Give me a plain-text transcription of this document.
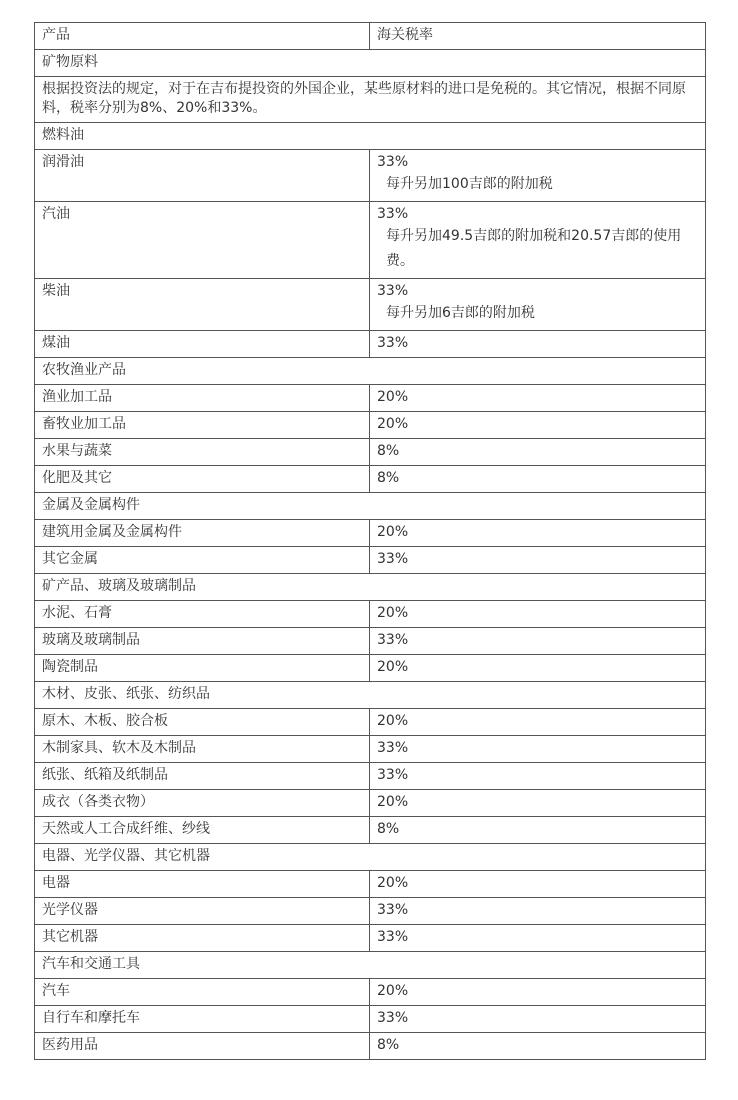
产品	海关税率
矿物原料	
根据投资法的规定，对于在吉布提投资的外国企业，某些原材料的进口是免税的。其它情况，根据不同原料，税率分别为8%、20%和33%。	
燃料油	
润滑油	33%
每升另加100吉郎的附加税

汽油	33%
每升另加49.5吉郎的附加税和20.57吉郎的使用费。

柴油	33%
每升另加6吉郎的附加税

煤油	33%

农牧渔业产品	
渔业加工品	20%

畜牧业加工品	20%

水果与蔬菜	8%

化肥及其它	8%

金属及金属构件	
建筑用金属及金属构件	20%

其它金属	33%

矿产品、玻璃及玻璃制品	
水泥、石膏	20%

玻璃及玻璃制品	33%

陶瓷制品	20%

木材、皮张、纸张、纺织品	
原木、木板、胶合板	20%

木制家具、软木及木制品	33%

纸张、纸箱及纸制品	33%

成衣（各类衣物）	20%

天然或人工合成纤维、纱线	8%

电器、光学仪器、其它机器	
电器	20%

光学仪器	33%

其它机器	33%

汽车和交通工具	
汽车	20%

自行车和摩托车	33%

医药用品	8%
